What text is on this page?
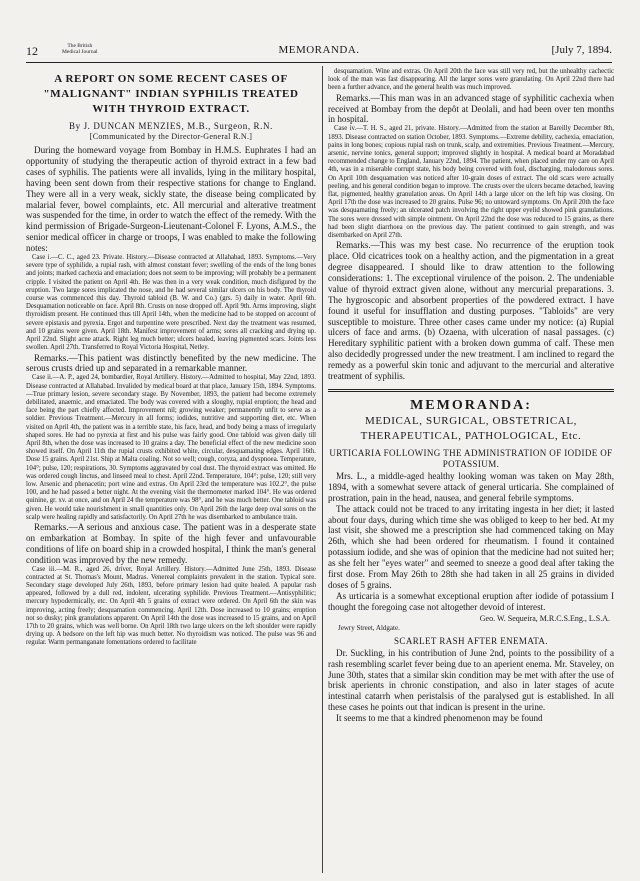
12	The British
Medical Journal	MEMORANDA.	[July 7, 1894.
A REPORT ON SOME RECENT CASES OF "MALIGNANT" INDIAN SYPHILIS TREATED WITH THYROID EXTRACT.
By J. DUNCAN MENZIES, M.B., Surgeon, R.N.
[Communicated by the Director-General R.N.]

During the homeward voyage from Bombay in H.M.S. Euphrates I had an opportunity of studying the therapeutic action of thyroid extract in a few bad cases of syphilis. The patients were all invalids, lying in the military hospital, having been sent down from their respective stations for change to England. They were all in a very weak, sickly state, the disease being complicated by malarial fever, bowel complaints, etc. All mercurial and alterative treatment was suspended for the time, in order to watch the effect of the remedy. With the kind permission of Brigade-Surgeon-Lieutenant-Colonel F. Lyons, A.M.S., the senior medical officer in charge or troops, I was enabled to make the following notes:

Case i.—C. C., aged 23. Private. History.—Disease contracted at Allahabad, 1893. Symptoms.—Very severe type of syphilide, a rupial rash, with almost constant fever; swelling of the ends of the long bones and joints; marked cachexia and emaciation; does not seem to be improving; will probably be a permanent cripple. I visited the patient on April 4th. He was then in a very weak condition, much disfigured by the eruption. Two large sores implicated the nose, and he had several similar ulcers on his body. The thyroid course was commenced this day. Thyroid tabloid (B. W. and Co.) (grs. 5) daily in water. April 6th. Desquamation noticeable on face. April 8th. Crusts on nose dropped off. April 9th. Arms improving, slight thyroidism present. He continued thus till April 14th, when the medicine had to be stopped on account of severe epistaxis and pyrexia. Ergot and turpentine were prescribed. Next day the treatment was resumed, and 10 grains were given. April 18th. Manifest improvement of arms; sores all cracking and drying up. April 22nd. Slight acne attack. Right leg much better; ulcers healed, leaving pigmented scars. Joints less swollen. April 27th. Transferred to Royal Victoria Hospital, Netley.

Remarks.—This patient was distinctly benefited by the new medicine. The serous crusts dried up and separated in a remarkable manner.

Case ii.—A. P., aged 24, bombardier, Royal Artillery. History.—Admitted to hospital, May 22nd, 1893. Disease contracted at Allahabad. Invalided by medical board at that place, January 15th, 1894. Symptoms.—True primary lesion, severe secondary stage. By November, 1893, the patient had become extremely debilitated, anaemic, and emaciated. The body was covered with a sloughy, rupial eruption; the head and face being the part chiefly affected. Improvement nil; growing weaker; permanently unfit to serve as a soldier. Previous Treatment.—Mercury in all forms; iodides, nutritive and supporting diet, etc. When visited on April 4th, the patient was in a terrible state, his face, head, and body being a mass of irregularly shaped sores. He had no pyrexia at first and his pulse was fairly good. One tabloid was given daily till April 8th, when the dose was increased to 10 grains a day. The beneficial effect of the new medicine soon showed itself. On April 11th the rupial crusts exhibited white, circular, desquamating edges. April 16th. Dose 15 grains. April 21st. Ship at Malta coaling. Not so well; cough, coryza, and dyspnoea. Temperature, 104°; pulse, 120; respirations, 30. Symptoms aggravated by coal dust. The thyroid extract was omitted. He was ordered cough linctus, and linseed meal to chest. April 22nd. Temperature, 104°; pulse, 120; still very low. Arsenic and phenacetin; port wine and extras. On April 23rd the temperature was 102.2°, the pulse 100, and he had passed a better night. At the evening visit the thermometer marked 104°. He was ordered quinine, gr. xv. at once, and on April 24 the temperature was 98°, and he was much better. One tabloid was given. He would take nourishment in small quantities only. On April 26th the large deep oval sores on the scalp were healing rapidly and satisfactorily. On April 27th he was disembarked to ambulance train.

Remarks.—A serious and anxious case. The patient was in a desperate state on embarkation at Bombay. In spite of the high fever and unfavourable conditions of life on board ship in a crowded hospital, I think the man's general condition was improved by the new remedy.

Case iii.—M. R., aged 26, driver, Royal Artillery. History.—Admitted June 25th, 1893. Disease contracted at St. Thomas's Mount, Madras. Venereal complaints prevalent in the station. Typical sore. Secondary stage developed July 26th, 1893, before primary lesion had quite healed. A papular rash appeared, followed by a dull red, indolent, ulcerating syphilide. Previous Treatment.—Antisyphilitic; mercury hypodermically, etc. On April 4th 5 grains of extract were ordered. On April 6th the skin was improving, acting freely; desquamation commencing. April 12th. Dose increased to 10 grains; eruption not so dusky; pink granulations apparent. On April 14th the dose was increased to 15 grains, and on April 17th to 20 grains, which was well borne. On April 18th two large ulcers on the left shoulder were rapidly drying up. A bedsore on the left hip was much better. No thyroidism was noticed. The pulse was 96 and regular. Warm permanganate fomentations ordered to facilitate

desquamation. Wine and extras. On April 20th the face was still very red, but the unhealthy cachectic look of the man was fast disappearing. All the larger sores were granulating. On April 22nd there had been a further advance, and the general health was much improved.

Remarks.—This man was in an advanced stage of syphilitic cachexia when received at Bombay from the depôt at Deolali, and had been over ten months in hospital.

Case iv.—T. H. S., aged 21, private. History.—Admitted from the station at Bareilly December 8th, 1893. Disease contracted on station October, 1893. Symptoms.—Extreme debility, cachexia, emaciation, pains in long bones; copious rupial rash on trunk, scalp, and extremities. Previous Treatment.—Mercury, arsenic, nervine tonics, general support; improved slightly in hospital. A medical board at Moradabad recommended change to England, January 22nd, 1894. The patient, when placed under my care on April 4th, was in a miserable corrupt state, his body being covered with foul, discharging, malodorous sores. On April 10th desquamation was noticed after 10-grain doses of extract. The old scars were actually peeling, and his general condition began to improve. The crusts over the ulcers became detached, leaving flat, pigmented, healthy granulation areas. On April 14th a large ulcer on the left hip was closing. On April 17th the dose was increased to 20 grains. Pulse 96; no untoward symptoms. On April 20th the face was desquamating freely; an ulcerated patch involving the right upper eyelid showed pink granulations. The sores were dressed with simple ointment. On April 22nd the dose was reduced to 15 grains, as there had been slight diarrhoea on the previous day. The patient continued to gain strength, and was disembarked on April 27th.

Remarks.—This was my best case. No recurrence of the eruption took place. Old cicatrices took on a healthy action, and the pigmentation in a great degree disappeared. I should like to draw attention to the following considerations: 1. The exceptional virulence of the poison. 2. The undeniable value of thyroid extract given alone, without any mercurial preparations. 3. The hygroscopic and absorbent properties of the powdered extract. I have found it useful for insufflation and dusting purposes. "Tabloids" are very susceptible to moisture. Three other cases came under my notice: (a) Rupial ulcers of face and arms. (b) Ozaena, with ulceration of nasal passages. (c) Hereditary syphilitic patient with a broken down gumma of calf. These men also decidedly progressed under the new treatment. I am inclined to regard the remedy as a powerful skin tonic and adjuvant to the mercurial and alterative treatment of syphilis.

MEMORANDA:
MEDICAL, SURGICAL, OBSTETRICAL, THERAPEUTICAL, PATHOLOGICAL, Etc.
URTICARIA FOLLOWING THE ADMINISTRATION OF IODIDE OF POTASSIUM.

Mrs. L., a middle-aged healthy looking woman was taken on May 28th, 1894, with a somewhat severe attack of general urticaria. She complained of prostration, pain in the head, nausea, and general febrile symptoms.

The attack could not be traced to any irritating ingesta in her diet; it lasted about four days, during which time she was obliged to keep to her bed. At my last visit, she showed me a prescription she had commenced taking on May 26th, which she had been ordered for rheumatism. I found it contained potassium iodide, and she was of opinion that the medicine had not suited her; as she felt her "eyes water" and seemed to sneeze a good deal after taking the first dose. From May 26th to 28th she had taken in all 25 grains in divided doses of 5 grains.

As urticaria is a somewhat exceptional eruption after iodide of potassium I thought the foregoing case not altogether devoid of interest.

Geo. W. Sequeira, M.R.C.S.Eng., L.S.A.
Jewry Street, Aldgate.
SCARLET RASH AFTER ENEMATA.

Dr. Suckling, in his contribution of June 2nd, points to the possibility of a rash resembling scarlet fever being due to an aperient enema. Mr. Staveley, on June 30th, states that a similar skin condition may be met with after the use of brisk aperients in chronic constipation, and also in later stages of acute intestinal catarrh when peristalsis of the paralysed gut is established. In all these cases he points out that indican is present in the urine.

It seems to me that a kindred phenomenon may be found
